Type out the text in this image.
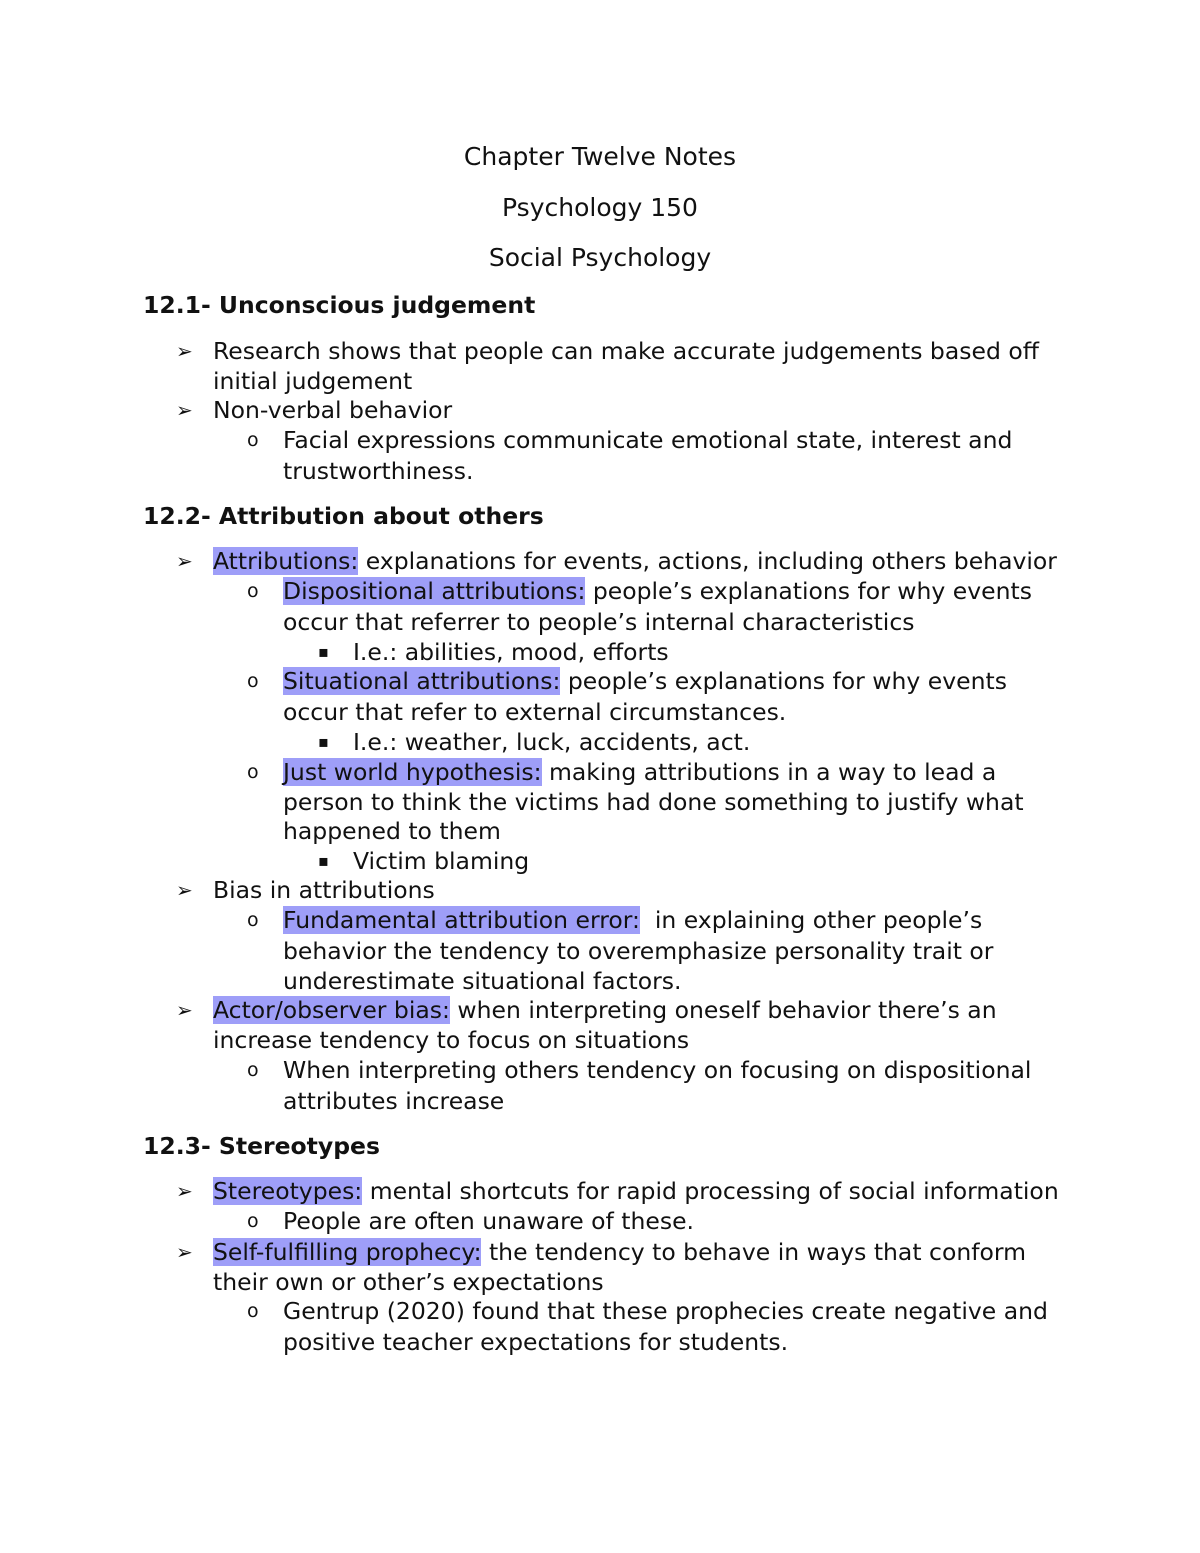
Chapter Twelve Notes
Psychology 150
Social Psychology
12.1- Unconscious judgement
➢ Research shows that people can make accurate judgements based off
initial judgement
➢ Non-verbal behavior
o Facial expressions communicate emotional state, interest and
trustworthiness.
12.2- Attribution about others
➢ Attributions: explanations for events, actions, including others behavior
o Dispositional attributions: people’s explanations for why events
occur that referrer to people’s internal characteristics
▪ I.e.: abilities, mood, efforts
o Situational attributions: people’s explanations for why events
occur that refer to external circumstances.
▪ I.e.: weather, luck, accidents, act.
o Just world hypothesis: making attributions in a way to lead a
person to think the victims had done something to justify what
happened to them
▪ Victim blaming
➢ Bias in attributions
o Fundamental attribution error:  in explaining other people’s
behavior the tendency to overemphasize personality trait or
underestimate situational factors.
➢ Actor/observer bias: when interpreting oneself behavior there’s an
increase tendency to focus on situations
o When interpreting others tendency on focusing on dispositional
attributes increase
12.3- Stereotypes
➢ Stereotypes: mental shortcuts for rapid processing of social information
o People are often unaware of these.
➢ Self-fulfilling prophecy: the tendency to behave in ways that conform
their own or other’s expectations
o Gentrup (2020) found that these prophecies create negative and
positive teacher expectations for students.
